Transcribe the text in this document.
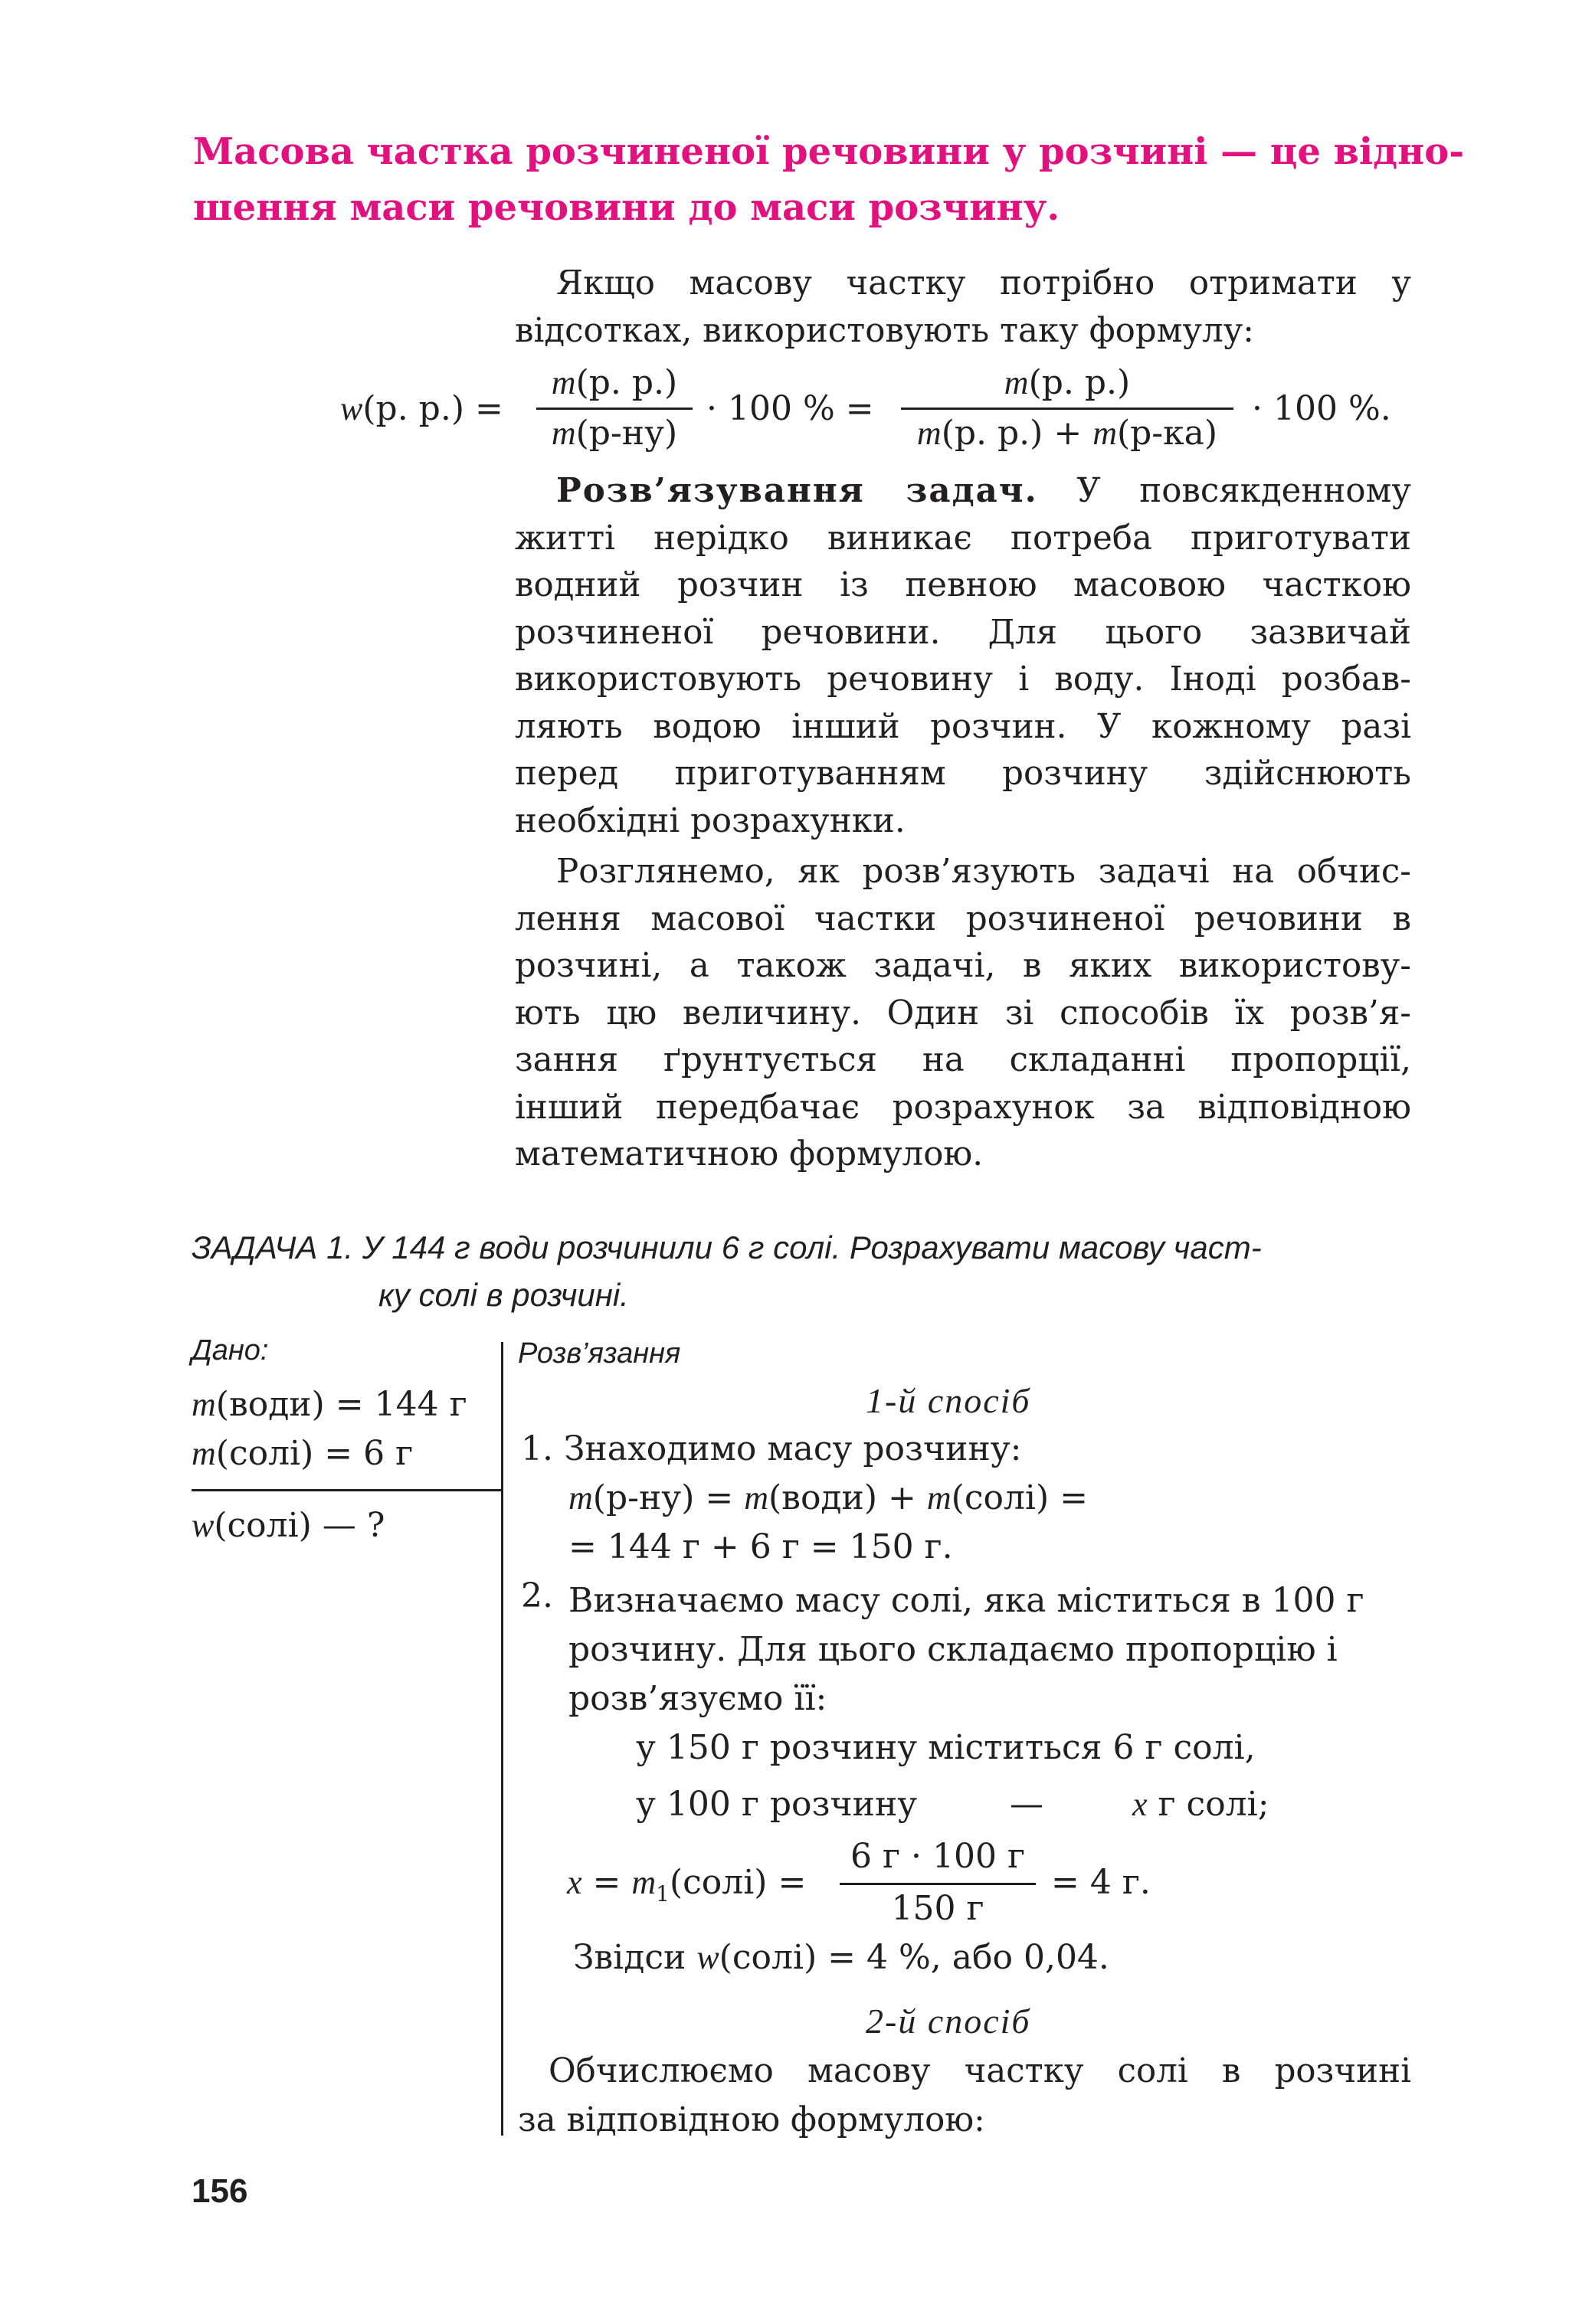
Масова частка розчиненої речовини у розчині — це відно-
шення маси речовини до маси розчину.
Якщо масову частку потрібно отримати у
відсотках, використовують таку формулу:
w(р. р.) =
m(р. р.)
m(р-ну)
· 100 % =
m(р. р.)
m(р. р.) + m(р-ка)
· 100 %.
Розв’язування задач. У повсякденному
житті нерідко виникає потреба приготувати
водний розчин із певною масовою часткою
розчиненої речовини. Для цього зазвичай
використовують речовину і воду. Іноді розбав-
ляють водою інший розчин. У кожному разі
перед приготуванням розчину здійснюють
необхідні розрахунки.
Розглянемо, як розв’язують задачі на обчис-
лення масової частки розчиненої речовини в
розчині, а також задачі, в яких використову-
ють цю величину. Один зі способів їх розв’я-
зання ґрунтується на складанні пропорції,
інший передбачає розрахунок за відповідною
математичною формулою.
ЗАДАЧА 1. У 144 г води розчинили 6 г солі. Розрахувати масову част-
ку солі в розчині.
Дано:
m(води) = 144 г
m(солі) = 6 г
w(солі) — ?
Розв’язання
1-й спосіб
1. Знаходимо масу розчину:
m(р-ну) = m(води) + m(солі) =
= 144 г + 6 г = 150 г.
2. Визначаємо масу солі, яка міститься в 100 г
розчину. Для цього складаємо пропорцію і
розв’язуємо її:
у 150 г розчину міститься 6 г солі,
у 100 г розчину	—	x г солі;
$x = m_1(солі)$ =
6 г · 100 г
150 г
= 4 г.
Звідси w(солі) = 4 %, або 0,04.
2-й спосіб
Обчислюємо масову частку солі в розчині
за відповідною формулою:
156
